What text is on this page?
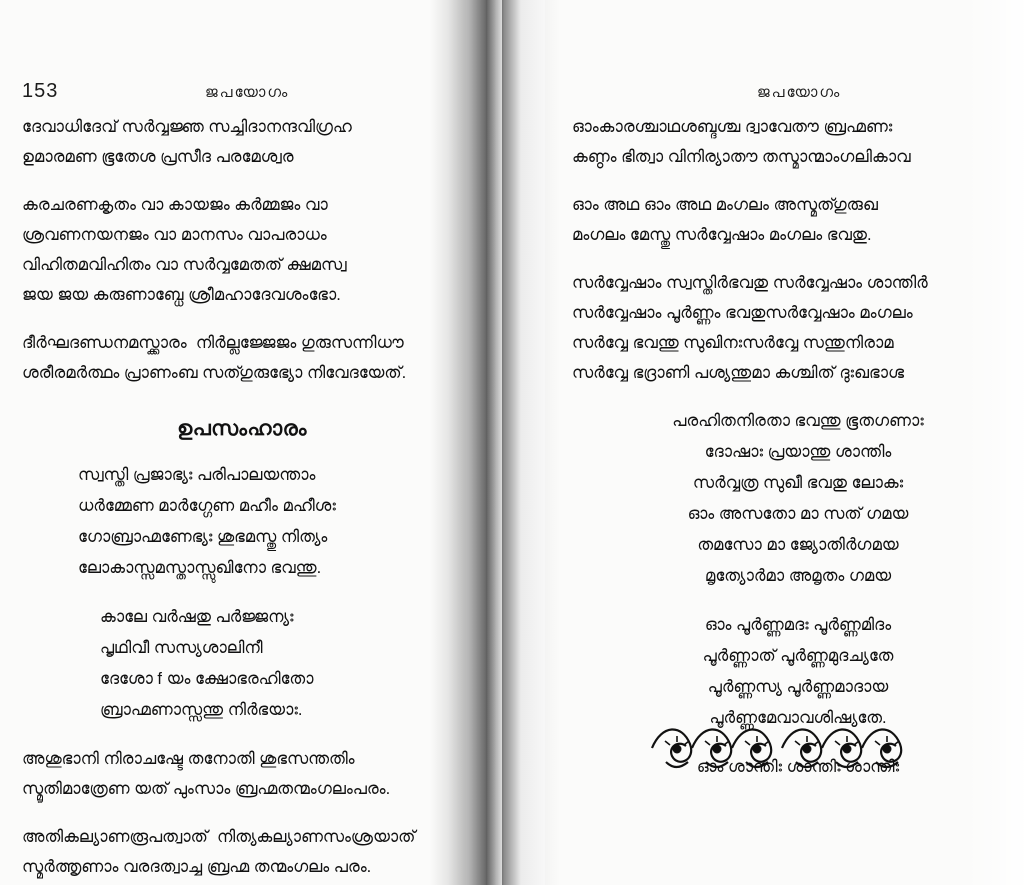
153	ജപയോഗം	ജപയോഗം
ദേവാധിദേവ് സർവ്വജ്ഞ സച്ചിദാനന്ദവിഗ്രഹ
ഉമാരമണ ഭൂതേശ പ്രസീദ പരമേശ്വര
കരചരണകൃതം വാ കായജം കർമ്മജം വാ
ശ്രവണനയനജം വാ മാനസം വാപരാധം
വിഹിതമവിഹിതം വാ സർവ്വമേതത് ക്ഷമസ്വ
ജയ ജയ കരുണാബ്ധേ ശ്രീമഹാദേവശംഭോ.
ദീർഘദണ്ഡനമസ്ക്കാരം  നിർല്ലജ്ജേജം ഗുരുസന്നിധൗ
ശരീരമർത്ഥം പ്രാണംബ സത്ഗുരുഭ്യോ നിവേദയേത്.
ഉപസംഹാരം
സ്വസ്തി പ്രജാഭ്യഃ പരിപാലയന്താം
ധർമ്മേണ മാർഗ്ഗേണ മഹീം മഹീശഃ
ഗോബ്രാഹ്മണേഭ്യഃ ശുഭമസ്തു നിത്യം
ലോകാസ്സമസ്താസ്സുഖിനോ ഭവന്തു.
കാലേ വർഷതു പർജ്ജന്യഃ
പൃഥിവീ സസ്യശാലിനീ
ദേശോ f യം ക്ഷോഭരഹിതോ
ബ്രാഹ്മണാസ്സന്തു നിർഭയാഃ.
അശുഭാനി നിരാചഷ്ടേ തനോതി ശുഭസന്തതിം
സ്മൃതിമാത്രേണ യത് പുംസാം ബ്രഹ്മതന്മംഗലംപരം.
അതികല്യാണരൂപത്വാത്  നിത്യകല്യാണസംശ്രയാത്
സ്മർത്തൃണാം വരദത്വാച്ച ബ്രഹ്മ തന്മംഗലം പരം.
ഓംകാരശ്ചാഥശബ്ദശ്ച ദ്വാവേതൗ ബ്രഹ്മണഃ
കണ്ഠം ഭിത്വാ വിനിര്യാതൗ തസ്മാന്മാംഗലികാവ
ഓം അഥ ഓം അഥ മംഗലം അസ്മത്ഗുരുഖ
മംഗലം മേസ്തു സർവ്വേഷാം മംഗലം ഭവതു.
സർവ്വേഷാം സ്വസ്തിർഭവതു സർവ്വേഷാം ശാന്തിർ
സർവ്വേഷാം പൂർണ്ണം ഭവതുസർവ്വേഷാം മംഗലം
സർവ്വേ ഭവന്തു സുഖിനഃസർവ്വേ സന്തുനിരാമ
സർവ്വേ ഭദ്രാണി പശ്യന്തുമാ കശ്ചിത് ദുഃഖഭാഗ്ഭ
പരഹിതനിരതാ ഭവന്തു ഭൂതഗണാഃ
ദോഷാഃ പ്രയാന്തു ശാന്തിം
സർവ്വത്ര സുഖീ ഭവതു ലോകഃ
ഓം അസതോ മാ സത് ഗമയ
തമസോ മാ ജ്യോതിർഗമയ
മൃത്യോർമാ അമൃതം ഗമയ
ഓം പൂർണ്ണമദഃ പൂർണ്ണമിദം
പൂർണ്ണാത് പൂർണ്ണമുദച്യതേ
പൂർണ്ണസ്യ പൂർണ്ണമാദായ
പൂർണ്ണമേവാവശിഷ്യതേ.
ഓം ശാന്തിഃ ശാന്തിഃ ശാന്തിഃ
